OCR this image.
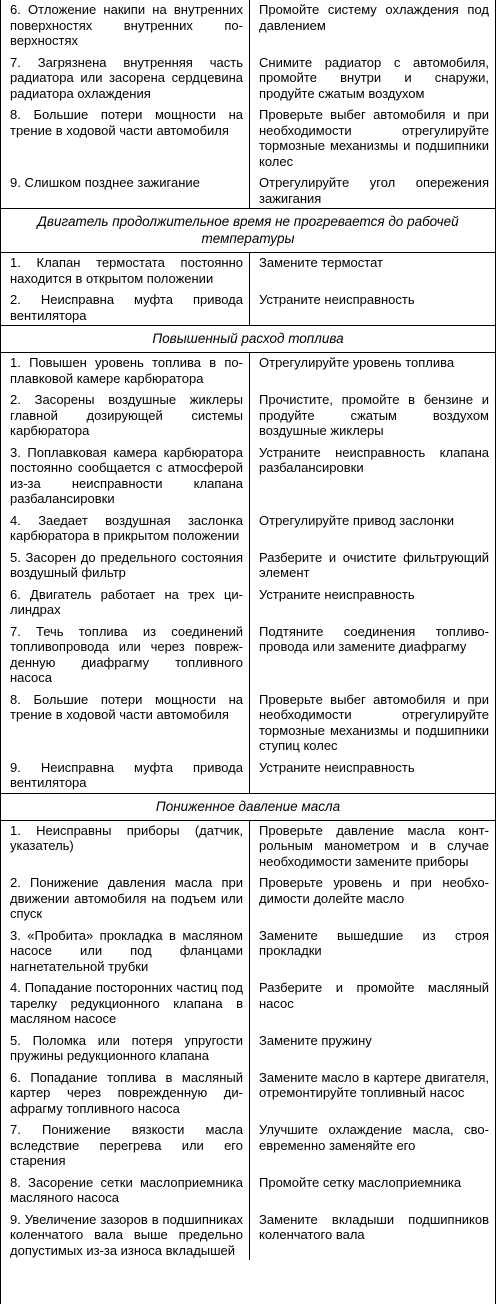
6. Отложение накипи на внутренних поверхностях внутренних поверхностях	Промойте систему охлаждения под давлением
7. Загрязнена внутренняя часть радиатора или засорена сердцевина радиатора охлаждения	Снимите радиатор с автомобиля, промойте внутри и снаружи, продуйте сжатым воздухом
8. Большие потери мощности на трение в ходовой части автомобиля	Проверьте выбег автомобиля и при необходимости отрегулируйте тормозные механизмы и подшипники колес
9. Слишком позднее зажигание	Отрегулируйте угол опережения зажигания
Двигатель продолжительное время не прогревается до рабочей температуры	
1. Клапан термостата постоянно находится в открытом положении	Замените термостат
2. Неисправна муфта привода вентилятора	Устраните неисправность
Повышенный расход топлива	
1. Повышен уровень топлива в поплавковой камере карбюратора	Отрегулируйте уровень топлива
2. Засорены воздушные жиклеры главной дозирующей системы карбюратора	Прочистите, промойте в бензине и продуйте сжатым воздухом воздушные жиклеры
3. Поплавковая камера карбюратора постоянно сообщается с атмосферой из-за неисправности клапана разбалансировки	Устраните неисправность клапана разбалансировки
4. Заедает воздушная заслонка карбюратора в прикрытом положении	Отрегулируйте привод заслонки
5. Засорен до предельного состояния воздушный фильтр	Разберите и очистите фильтрующий элемент
6. Двигатель работает на трех цилиндрах	Устраните неисправность
7. Течь топлива из соединений топливопровода или через поврежденную диафрагму топливного насоса	Подтяните соединения топливопровода или замените диафрагму
8. Большие потери мощности на трение в ходовой части автомобиля	Проверьте выбег автомобиля и при необходимости отрегулируйте тормозные механизмы и подшипники ступиц колес
9. Неисправна муфта привода вентилятора	Устраните неисправность
Пониженное давление масла	
1. Неисправны приборы (датчик, указатель)	Проверьте давление масла контрольным манометром и в случае необходимости замените приборы
2. Понижение давления масла при движении автомобиля на подъем или спуск	Проверьте уровень и при необходимости долейте масло
3. «Пробита» прокладка в масляном насосе или под фланцами нагнетательной трубки	Замените вышедшие из строя прокладки
4. Попадание посторонних частиц под тарелку редукционного клапана в масляном насосе	Разберите и промойте масляный насос
5. Поломка или потеря упругости пружины редукционного клапана	Замените пружину
6. Попадание топлива в масляный картер через поврежденную диафрагму топливного насоса	Замените масло в картере двигателя, отремонтируйте топливный насос
7. Понижение вязкости масла вследствие перегрева или его старения	Улучшите охлаждение масла, своевременно заменяйте его
8. Засорение сетки маслоприемника масляного насоса	Промойте сетку маслоприемника
9. Увеличение зазоров в подшипниках коленчатого вала выше предельно допустимых из-за износа вкладышей	Замените вкладыши подшипников коленчатого вала
